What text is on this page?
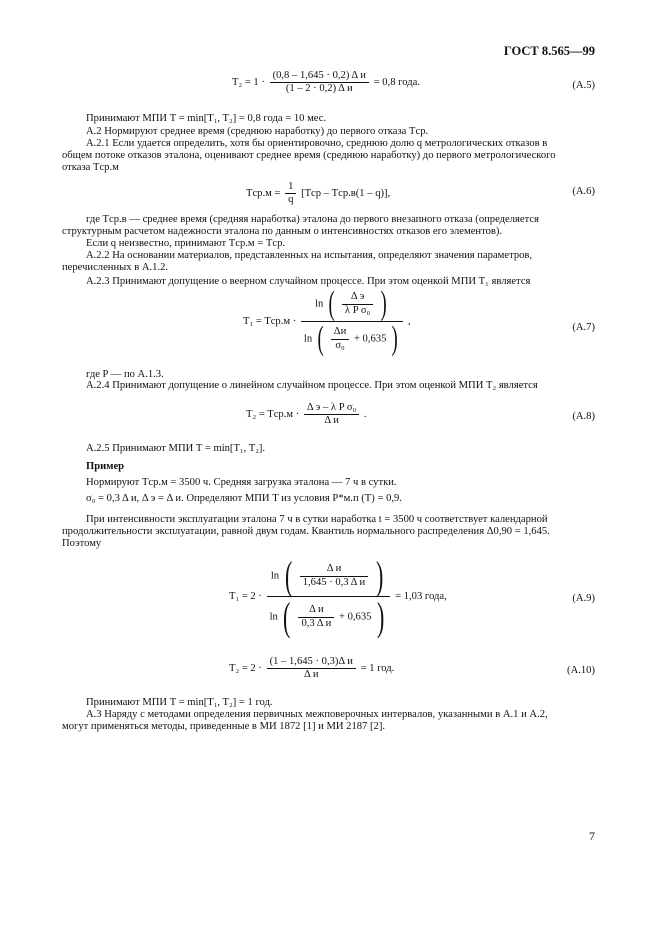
ГОСТ 8.565—99
T₂ = 1 ·
(0,8 – 1,645 · 0,2) Δ и
(1 – 2 · 0,2) Δ и
= 0,8 года.	(А.5)
Принимают МПИ T = min[T₁, T₂] = 0,8 года = 10 мес.
А.2 Нормируют среднее время (среднюю наработку) до первого отказа Tср.
А.2.1 Если удается определить, хотя бы ориентировочно, среднюю долю q метрологических отказов в
общем потоке отказов эталона, оценивают среднее время (среднюю наработку) до первого метрологического
отказа Tср.м
$Tср.м = \frac{1}{q} [Tср - Tср.в(1 - q)]$,	(А.6)
где Tср.в — среднее время (средняя наработка) эталона до первого внезапного отказа (определяется
структурным расчетом надежности эталона по данным о интенсивностях отказов его элементов).
Если q неизвестно, принимают Tср.м = Tср.
А.2.2 На основании материалов, представленных на испытания, определяют значения параметров,
перечисленных в А.1.2.
А.2.3 Принимают допущение о веерном случайном процессе. При этом оценкой МПИ T₁ является
T₁ = Tср.м ·
ln (	Δ э
λ P σ₀ )
ln ( Δи
σ₀
+ 0,635 ) ,
(А.7)
где P — по А.1.3.
А.2.4 Принимают допущение о линейном случайном процессе. При этом оценкой МПИ T₂ является
T₂ = Tср.м ·
Δ э – λ P σ₀
Δ и
.	(А.8)
А.2.5 Принимают МПИ T = min[T₁, T₂].
Пример
Нормируют Tср.м = 3500 ч. Средняя загрузка эталона — 7 ч в сутки.
σ₀ = 0,3 Δ и, Δ э = Δ и. Определяют МПИ T из условия P*м.п (T) = 0,9.
При интенсивности эксплуатации эталона 7 ч в сутки наработка t = 3500 ч соответствует календарной
продолжительности эксплуатации, равной двум годам. Квантиль нормального распределения Δ0,90 = 1,645.
Поэтому
T₁ = 2 ·
ln (	Δ и
1,645 · 0,3 Δ и )
ln (	Δ и
0,3 Δ и
+ 0,635 )	= 1,03 года,	(А.9)
T₂ = 2 ·
(1 – 1,645 · 0,3)Δ и
Δ и
= 1 год.	(А.10)
Принимают МПИ T = min[T₁, T₂] = 1 год.
А.3 Наряду с методами определения первичных межповерочных интервалов, указанными в А.1 и А.2,
могут применяться методы, приведенные в МИ 1872 [1] и МИ 2187 [2].
7
